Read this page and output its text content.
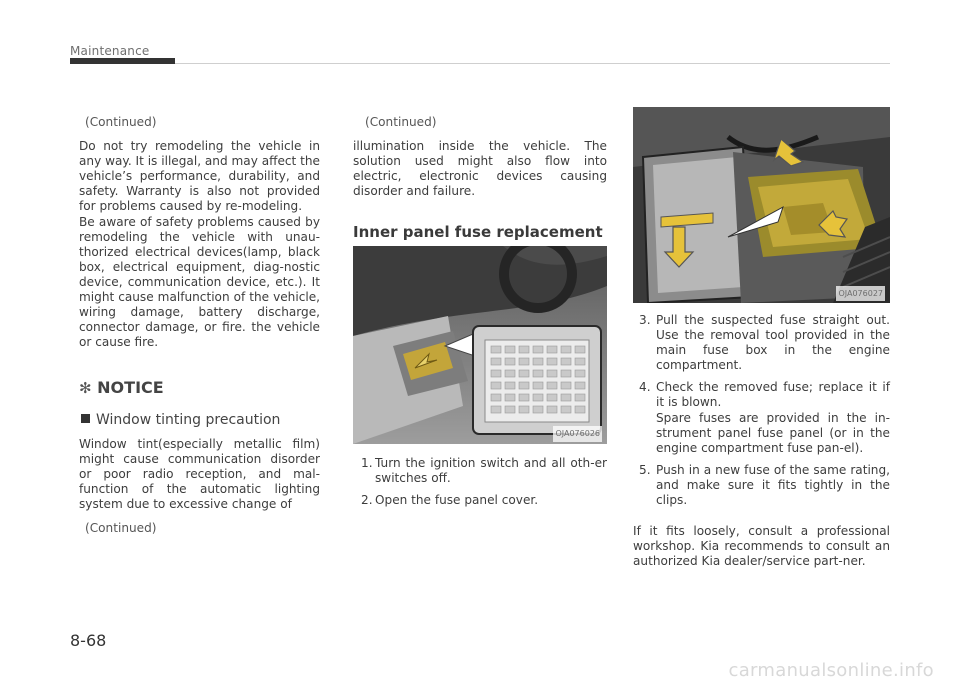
Maintenance

(Continued)

Do not try remodeling the vehicle in any way. It is illegal, and may affect the vehicle’s performance, durability, and safety. Warranty is also not provided for problems caused by re-modeling.

Be aware of safety problems caused by remodeling the vehicle with unau-thorized electrical devices(lamp, black box, electrical equipment, diag-nostic device, communication device, etc.). It might cause malfunction of the vehicle, wiring damage, battery discharge, connector damage, or fire. the vehicle or cause fire.

✻ NOTICE
Window tinting precaution

Window tint(especially metallic film) might cause communication disorder or poor radio reception, and mal-function of the automatic lighting system due to excessive change of

(Continued)

(Continued)

illumination inside the vehicle. The solution used might also flow into electric, electronic devices causing disorder and failure.

Inner panel fuse replacement
OJA076026
1. Turn the ignition switch and all oth-er switches off.
2. Open the fuse panel cover.
OJA076027
3. Pull the suspected fuse straight out. Use the removal tool provided in the main fuse box in the engine compartment.
4. Check the removed fuse; replace it if it is blown.
Spare fuses are provided in the in-strument panel fuse panel (or in the engine compartment fuse pan-el).
5. Push in a new fuse of the same rating, and make sure it fits tightly in the clips.

If it fits loosely, consult a professional workshop. Kia recommends to consult an authorized Kia dealer/service part-ner.

8-68
carmanualsonline.info
